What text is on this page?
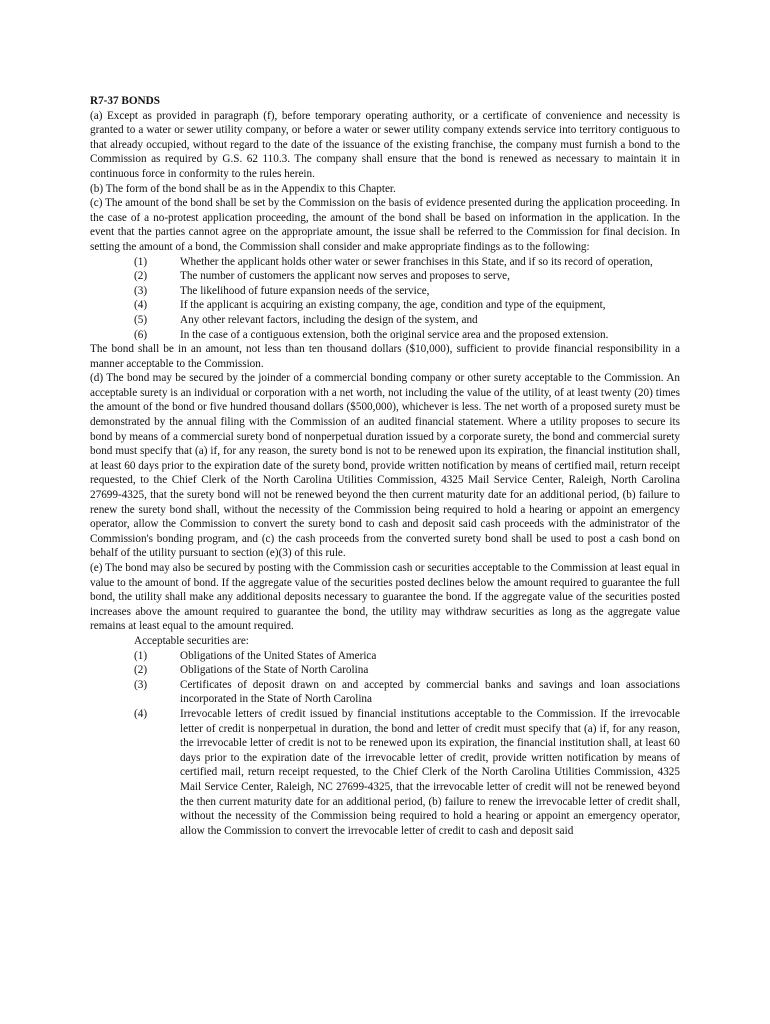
R7-37 BONDS

(a) Except as provided in paragraph (f), before temporary operating authority, or a certificate of convenience and necessity is granted to a water or sewer utility company, or before a water or sewer utility company extends service into territory contiguous to that already occupied, without regard to the date of the issuance of the existing franchise, the company must furnish a bond to the Commission as required by G.S. 62 110.3. The company shall ensure that the bond is renewed as necessary to maintain it in continuous force in conformity to the rules herein.

(b) The form of the bond shall be as in the Appendix to this Chapter.

(c) The amount of the bond shall be set by the Commission on the basis of evidence presented during the application proceeding. In the case of a no-protest application proceeding, the amount of the bond shall be based on information in the application. In the event that the parties cannot agree on the appropriate amount, the issue shall be referred to the Commission for final decision. In setting the amount of a bond, the Commission shall consider and make appropriate findings as to the following:

(1)	Whether the applicant holds other water or sewer franchises in this State, and if so its record of operation,
(2)	The number of customers the applicant now serves and proposes to serve,
(3)	The likelihood of future expansion needs of the service,
(4)	If the applicant is acquiring an existing company, the age, condition and type of the equipment,
(5)	Any other relevant factors, including the design of the system, and
(6)	In the case of a contiguous extension, both the original service area and the proposed extension.

The bond shall be in an amount, not less than ten thousand dollars ($10,000), sufficient to provide financial responsibility in a manner acceptable to the Commission.

(d) The bond may be secured by the joinder of a commercial bonding company or other surety acceptable to the Commission. An acceptable surety is an individual or corporation with a net worth, not including the value of the utility, of at least twenty (20) times the amount of the bond or five hundred thousand dollars ($500,000), whichever is less. The net worth of a proposed surety must be demonstrated by the annual filing with the Commission of an audited financial statement. Where a utility proposes to secure its bond by means of a commercial surety bond of nonperpetual duration issued by a corporate surety, the bond and commercial surety bond must specify that (a) if, for any reason, the surety bond is not to be renewed upon its expiration, the financial institution shall, at least 60 days prior to the expiration date of the surety bond, provide written notification by means of certified mail, return receipt requested, to the Chief Clerk of the North Carolina Utilities Commission, 4325 Mail Service Center, Raleigh, North Carolina 27699-4325, that the surety bond will not be renewed beyond the then current maturity date for an additional period, (b) failure to renew the surety bond shall, without the necessity of the Commission being required to hold a hearing or appoint an emergency operator, allow the Commission to convert the surety bond to cash and deposit said cash proceeds with the administrator of the Commission's bonding program, and (c) the cash proceeds from the converted surety bond shall be used to post a cash bond on behalf of the utility pursuant to section (e)(3) of this rule.

(e) The bond may also be secured by posting with the Commission cash or securities acceptable to the Commission at least equal in value to the amount of bond. If the aggregate value of the securities posted declines below the amount required to guarantee the full bond, the utility shall make any additional deposits necessary to guarantee the bond. If the aggregate value of the securities posted increases above the amount required to guarantee the bond, the utility may withdraw securities as long as the aggregate value remains at least equal to the amount required.

Acceptable securities are:
(1)	Obligations of the United States of America
(2)	Obligations of the State of North Carolina
(3)	Certificates of deposit drawn on and accepted by commercial banks and savings and loan associations incorporated in the State of North Carolina
(4)	Irrevocable letters of credit issued by financial institutions acceptable to the Commission. If the irrevocable letter of credit is nonperpetual in duration, the bond and letter of credit must specify that (a) if, for any reason, the irrevocable letter of credit is not to be renewed upon its expiration, the financial institution shall, at least 60 days prior to the expiration date of the irrevocable letter of credit, provide written notification by means of certified mail, return receipt requested, to the Chief Clerk of the North Carolina Utilities Commission, 4325 Mail Service Center, Raleigh, NC 27699-4325, that the irrevocable letter of credit will not be renewed beyond the then current maturity date for an additional period, (b) failure to renew the irrevocable letter of credit shall, without the necessity of the Commission being required to hold a hearing or appoint an emergency operator, allow the Commission to convert the irrevocable letter of credit to cash and deposit said
